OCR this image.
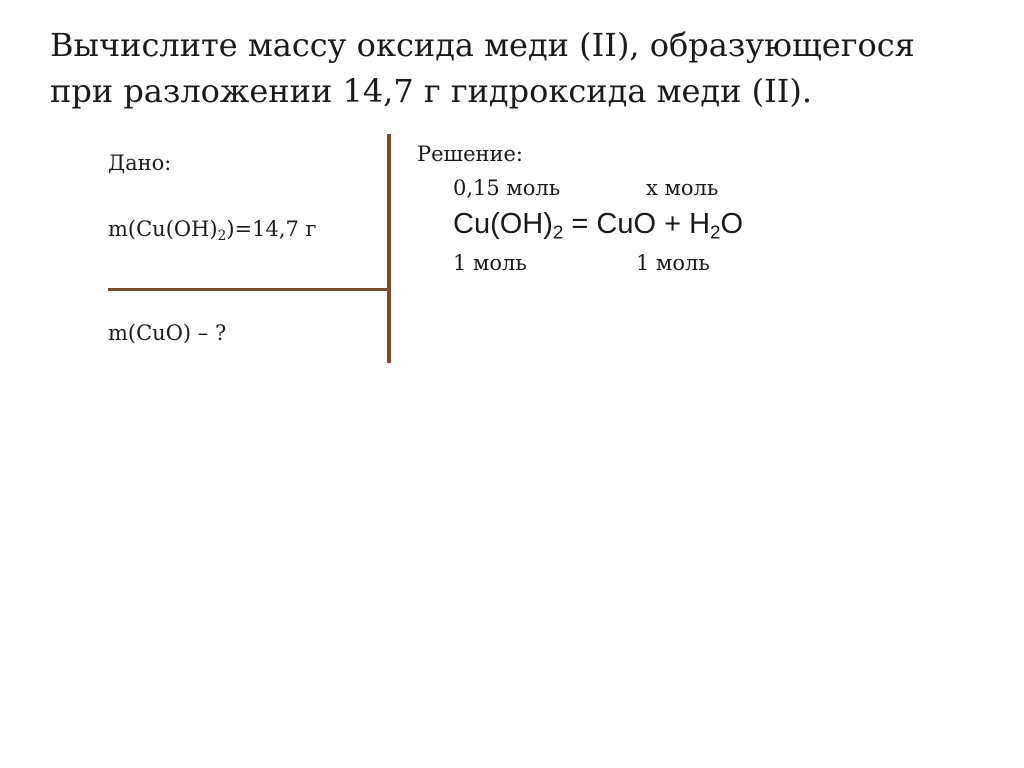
Вычислите массу оксида меди (II), образующегося
при разложении 14,7 г гидроксида меди (II).
Дано:
$m(Cu(OH)_2)=14,7$ г
m(CuO) – ?
Решение:
0,15 моль	х моль
$Cu(OH)_2$ = CuO + $H_2O$
1 моль	1 моль
